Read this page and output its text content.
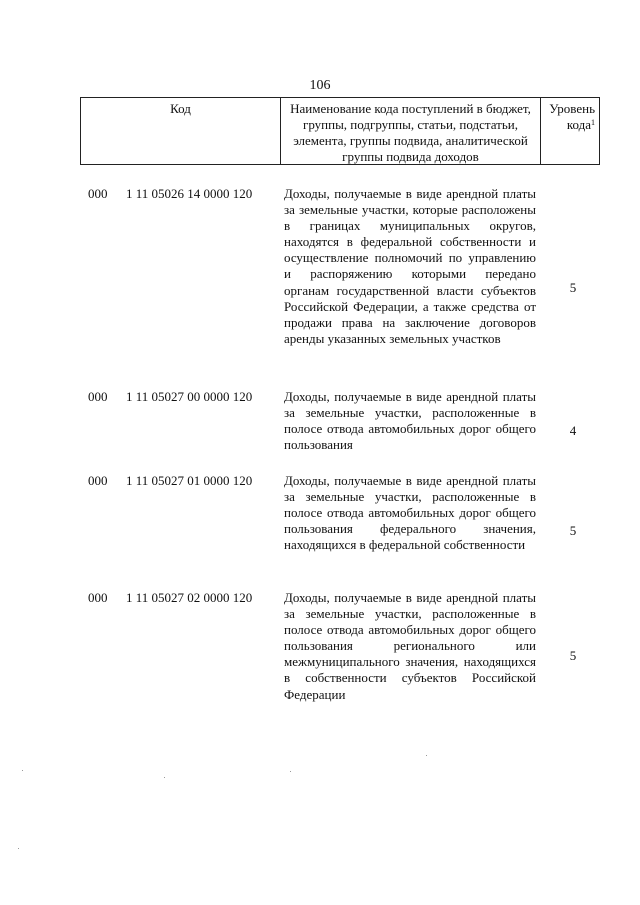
106
Код	Наименование кода поступлений в бюджет, группы, подгруппы, статьи, подстатьи, элемента, группы подвида, аналитической группы подвида доходов
Уровень кода$^1$
000 1 11 05026 14 0000 120 Доходы, получаемые в виде арендной платы за земельные участки, которые расположены в границах муниципальных округов, находятся в федеральной собственности и осуществление полномочий по управлению и распоряжению которыми передано органам государственной власти субъектов Российской Федерации, а также средства от продажи права на заключение договоров аренды указанных земельных участков
5
000 1 11 05027 00 0000 120 Доходы, получаемые в виде арендной платы за земельные участки, расположенные в полосе отвода автомобильных дорог общего пользования
4
000 1 11 05027 01 0000 120 Доходы, получаемые в виде арендной платы за земельные участки, расположенные в полосе отвода автомобильных дорог общего пользования федерального значения, находящихся в федеральной собственности
5
000 1 11 05027 02 0000 120 Доходы, получаемые в виде арендной платы за земельные участки, расположенные в полосе отвода автомобильных дорог общего пользования регионального или межмуниципального значения, находящихся в собственности субъектов Российской Федерации
5
